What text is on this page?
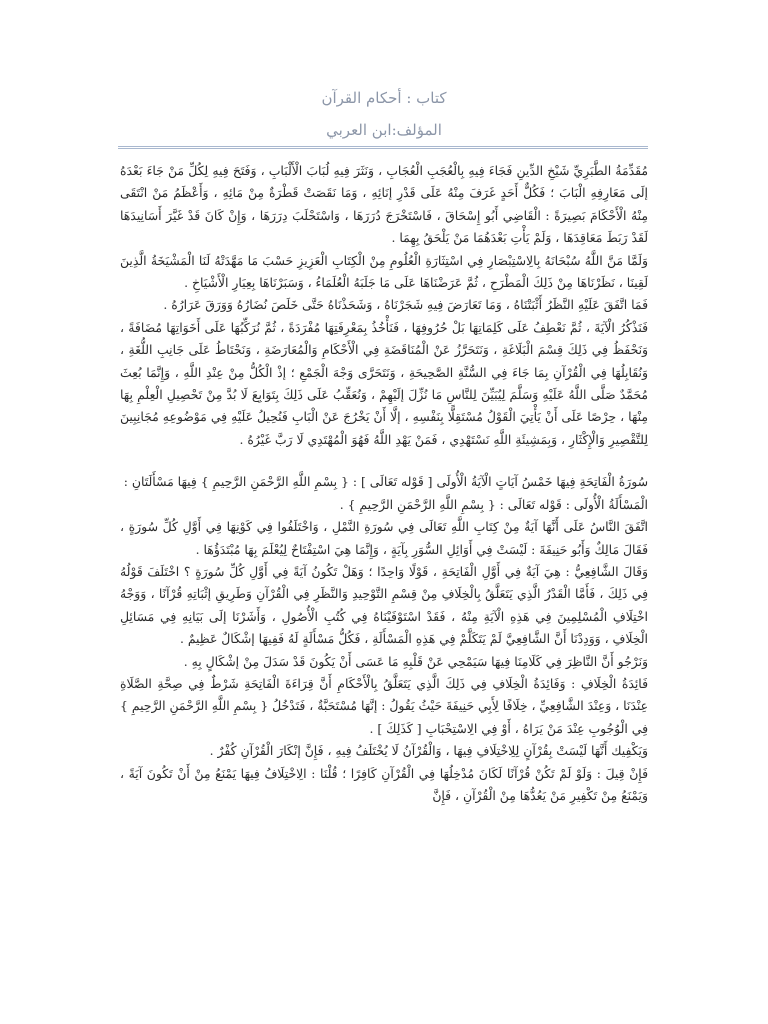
كتاب : أحكام القرآن
المؤلف:ابن العربي

مُقَدِّمَةُ الطَّبَرِيِّ شَيْخِ الدِّينِ فَجَاءَ فِيهِ بِالْعُجَبِ الْعُجَابِ ، وَنَثَرَ فِيهِ لُبَابَ الْأَلْبَابِ ، وَفَتَحَ فِيهِ لِكُلِّ مَنْ جَاءَ بَعْدَهُ إلَى مَعَارِفِهِ الْبَابَ ؛ فَكُلٌّ أَحَدٍ غَرَفَ مِنْهُ عَلَى قَدْرِ إنَائِهِ ، وَمَا نَقَصَتْ قَطْرَةٌ مِنْ مَائِهِ ، وَأَعْظَمُ مَنْ انْتَقَى مِنْهُ الْأَحْكَامَ بَصِيرَةً : الْقَاضِي أَبُو إِسْحَاقَ ، فَاسْتَخْرَجَ دُرَرَهَا ، وَاسْتَحْلَبَ دِرَرَهَا ، وَإِنْ كَانَ قَدْ غَيَّرَ أَسَانِيدَهَا لَقَدْ رَبَطَ مَعَاقِدَهَا ، وَلَمْ يَأْتِ بَعْدَهُمَا مَنْ يَلْحَقُ بِهِمَا .

وَلَمَّا مَنَّ اللَّهُ سُبْحَانَهُ بِالِاسْتِبْصَارِ فِي اسْتِثَارَةِ الْعُلُومِ مِنْ الْكِتَابِ الْعَزِيزِ حَسْبَ مَا مَهَّدَتْهُ لَنَا الْمَشْيَخَةُ الَّذِينَ لَقِينَا ، نَظَرْنَاهَا مِنْ ذَلِكَ الْمَطْرَحِ ، ثُمَّ عَرَضْنَاهَا عَلَى مَا جَلَبَهُ الْعُلَمَاءُ ، وَسَبَرْنَاهَا بِعِيَارِ الْأَشْيَاخِ .

فَمَا اتَّفَقَ عَلَيْهِ النَّظَرُ أَثْبَتْنَاهُ ، وَمَا تَعَارَضَ فِيهِ شَجَرْنَاهُ ، وَشَحَذْنَاهُ حَتَّى خَلَصَ نُضَارُهُ وَوَرَقَ عَرَارُهُ .

فَنَذْكُرُ الْآيَةَ ، ثُمَّ نَعْطِفُ عَلَى كَلِمَاتِهَا بَلْ حُرُوفِهَا ، فَنَأْخُذُ بِمَعْرِفَتِهَا مُفْرَدَةً ، ثُمَّ نُرَكِّبُهَا عَلَى أَخَوَاتِهَا مُضَافَةً ، وَنَحْفَظُ فِي ذَلِكَ قِسْمَ الْبَلَاغَةِ ، وَنَتَحَرَّزُ عَنْ الْمُنَاقَضَةِ فِي الْأَحْكَامِ وَالْمُعَارَضَةِ ، وَنَحْتَاطُ عَلَى جَانِبِ اللُّغَةِ ، وَنُقَابِلُهَا فِي الْقُرْآنِ بِمَا جَاءَ فِي السُّنَّةِ الصَّحِيحَةِ ، وَنَتَحَرَّى وَجْهَ الْجَمْعِ ؛ إذْ الْكُلُّ مِنْ عِنْدِ اللَّهِ ، وَإِنَّمَا بُعِثَ مُحَمَّدٌ صَلَّى اللَّهُ عَلَيْهِ وَسَلَّمَ لِيُبَيِّنَ لِلنَّاسِ مَا نُزِّلَ إلَيْهِمْ ، وَنُعَقِّبُ عَلَى ذَلِكَ بِتَوَابِعَ لَا بُدَّ مِنْ تَحْصِيلِ الْعِلْمِ بِهَا مِنْهَا ، حِرْصًا عَلَى أَنْ يَأْتِيَ الْقَوْلُ مُسْتَقِلًّا بِنَفْسِهِ ، إلَّا أَنْ يَخْرُجَ عَنْ الْبَابِ فَنُحِيلُ عَلَيْهِ فِي مَوْضُوعِهِ مُجَانِبِينَ لِلتَّقْصِيرِ وَالْإِكْثَارِ ، وَبِمَشِيئَةِ اللَّهِ نَسْتَهْدِي ، فَمَنْ يَهْدِ اللَّهُ فَهُوَ الْمُهْتَدِي لَا رَبَّ غَيْرُهُ .

سُورَةُ الْفَاتِحَةِ فِيهَا خَمْسُ آيَاتٍ الْآيَةُ الْأُولَى [ قَوْله تَعَالَى ] : { بِسْمِ اللَّهِ الرَّحْمَنِ الرَّحِيمِ } فِيهَا مَسْأَلَتَانِ :

الْمَسْأَلَةُ الْأُولَى : قَوْله تَعَالَى : { بِسْمِ اللَّهِ الرَّحْمَنِ الرَّحِيمِ } .

اتَّفَقَ النَّاسُ عَلَى أَنَّهَا آيَةٌ مِنْ كِتَابِ اللَّهِ تَعَالَى فِي سُورَةِ النَّمْلِ ، وَاخْتَلَفُوا فِي كَوْنِهَا فِي أَوَّلِ كُلِّ سُورَةٍ ، فَقَالَ مَالِكٌ وَأَبُو حَنِيفَةَ : لَيْسَتْ فِي أَوَائِلِ السُّوَرِ بِآيَةٍ ، وَإِنَّمَا هِيَ اسْتِفْتَاحٌ لِيُعْلَمَ بِهَا مُبْتَدَؤُهَا .

وَقَالَ الشَّافِعِيُّ : هِيَ آيَةٌ فِي أَوَّلِ الْفَاتِحَةِ ، قَوْلًا وَاحِدًا ؛ وَهَلْ تَكُونُ آيَةً فِي أَوَّلِ كُلِّ سُورَةٍ ؟ اخْتَلَفَ قَوْلُهُ فِي ذَلِكَ ، فَأَمَّا الْقَدْرُ الَّذِي يَتَعَلَّقُ بِالْخِلَافِ مِنْ قِسْمِ التَّوْحِيدِ وَالنَّظَرِ فِي الْقُرْآنِ وَطَرِيقِ إثْبَاتِهِ قُرْآنًا ، وَوَجْهُ اخْتِلَافِ الْمُسْلِمِينَ فِي هَذِهِ الْآيَةِ مِنْهُ ، فَقَدْ اسْتَوْفَيْنَاهُ فِي كُتُبِ الْأُصُولِ ، وَأَشَرْنَا إلَى بَيَانِهِ فِي مَسَائِلِ الْخِلَافِ ، وَوَدِدْنَا أَنَّ الشَّافِعِيَّ لَمْ يَتَكَلَّمْ فِي هَذِهِ الْمَسْأَلَةِ ، فَكُلُّ مَسْأَلَةٍ لَهُ فَفِيهَا إشْكَالٌ عَظِيمٌ .

وَنَرْجُو أَنَّ النَّاظِرَ فِي كَلَامِنَا فِيهَا سَيَمْحِي عَنْ قَلْبِهِ مَا عَسَى أَنْ يَكُونَ قَدْ سَدَلَ مِنْ إشْكَالٍ بِهِ .

فَائِدَةُ الْخِلَافِ : وَفَائِدَةُ الْخِلَافِ فِي ذَلِكَ الَّذِي يَتَعَلَّقُ بِالْأَحْكَامِ أَنَّ قِرَاءَةَ الْفَاتِحَةِ شَرْطٌ فِي صِحَّةِ الصَّلَاةِ عِنْدَنَا ، وَعِنْدَ الشَّافِعِيِّ ، خِلَافًا لِأَبِي حَنِيفَةَ حَيْثُ يَقُولُ : إنَّهَا مُسْتَحَبَّةٌ ، فَتَدْخُلُ { بِسْمِ اللَّهِ الرَّحْمَنِ الرَّحِيمِ } فِي الْوُجُوبِ عِنْدَ مَنْ يَرَاهُ ، أَوْ فِي الِاسْتِحْبَابِ [ كَذَلِكَ ] .

وَيَكْفِيك أَنَّهَا لَيْسَتْ بِقُرْآنٍ لِلِاخْتِلَافِ فِيهَا ، وَالْقُرْآنُ لَا يُخْتَلَفُ فِيهِ ، فَإِنَّ إنْكَارَ الْقُرْآنِ كُفْرٌ .

فَإِنْ قِيلَ : وَلَوْ لَمْ تَكُنْ قُرْآنًا لَكَانَ مُدْخِلُهَا فِي الْقُرْآنِ كَافِرًا ؛ قُلْنَا : الِاخْتِلَافُ فِيهَا يَمْنَعُ مِنْ أَنْ تَكُونَ آيَةً ، وَيَمْنَعُ مِنْ تَكْفِيرِ مَنْ يَعُدُّهَا مِنْ الْقُرْآنِ ، فَإِنَّ
